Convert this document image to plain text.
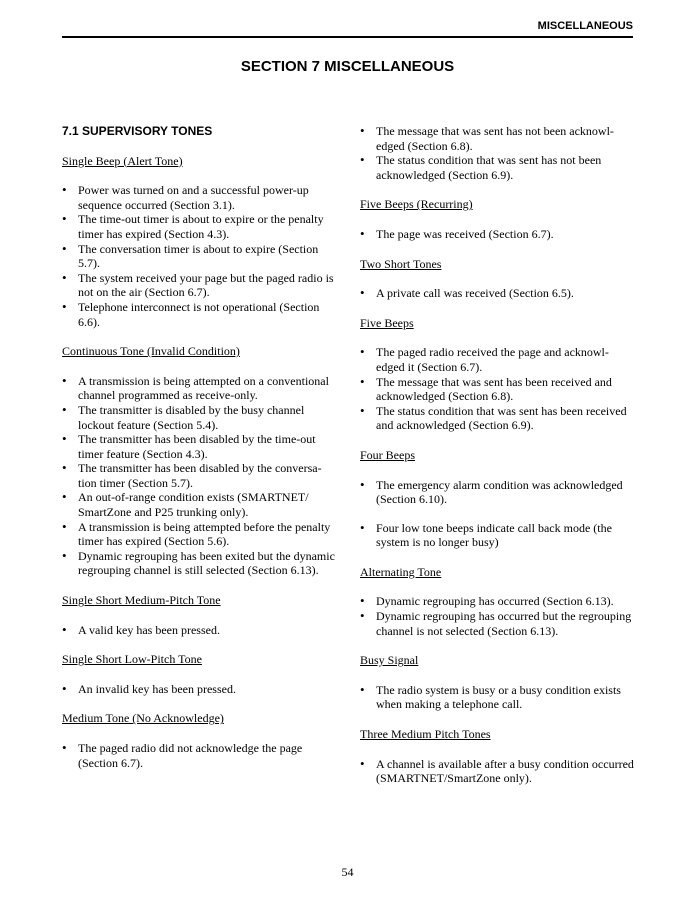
MISCELLANEOUS
SECTION 7 MISCELLANEOUS
7.1 SUPERVISORY TONES
Single Beep (Alert Tone)
• Power was turned on and a successful power-up sequence occurred (Section 3.1).
• The time-out timer is about to expire or the penalty timer has expired (Section 4.3).
• The conversation timer is about to expire (Section 5.7).
• The system received your page but the paged radio is not on the air (Section 6.7).
• Telephone interconnect is not operational (Section 6.6).
Continuous Tone (Invalid Condition)
• A transmission is being attempted on a conventional channel programmed as receive-only.
• The transmitter is disabled by the busy channel lockout feature (Section 5.4).
• The transmitter has been disabled by the time-out timer feature (Section 4.3).
• The transmitter has been disabled by the conversa-tion timer (Section 5.7).
• An out-of-range condition exists (SMARTNET/ SmartZone and P25 trunking only).
• A transmission is being attempted before the penalty timer has expired (Section 5.6).
• Dynamic regrouping has been exited but the dynamic regrouping channel is still selected (Section 6.13).
Single Short Medium-Pitch Tone
• A valid key has been pressed.
Single Short Low-Pitch Tone
• An invalid key has been pressed.
Medium Tone (No Acknowledge)
• The paged radio did not acknowledge the page (Section 6.7).
• The message that was sent has not been acknowl-edged (Section 6.8).
• The status condition that was sent has not been acknowledged (Section 6.9).
Five Beeps (Recurring)
• The page was received (Section 6.7).
Two Short Tones
• A private call was received (Section 6.5).
Five Beeps
• The paged radio received the page and acknowl-edged it (Section 6.7).
• The message that was sent has been received and acknowledged (Section 6.8).
• The status condition that was sent has been received and acknowledged (Section 6.9).
Four Beeps
• The emergency alarm condition was acknowledged (Section 6.10).
• Four low tone beeps indicate call back mode (the system is no longer busy)
Alternating Tone
• Dynamic regrouping has occurred (Section 6.13).
• Dynamic regrouping has occurred but the regrouping channel is not selected (Section 6.13).
Busy Signal
• The radio system is busy or a busy condition exists when making a telephone call.
Three Medium Pitch Tones
• A channel is available after a busy condition occurred (SMARTNET/SmartZone only).
54
